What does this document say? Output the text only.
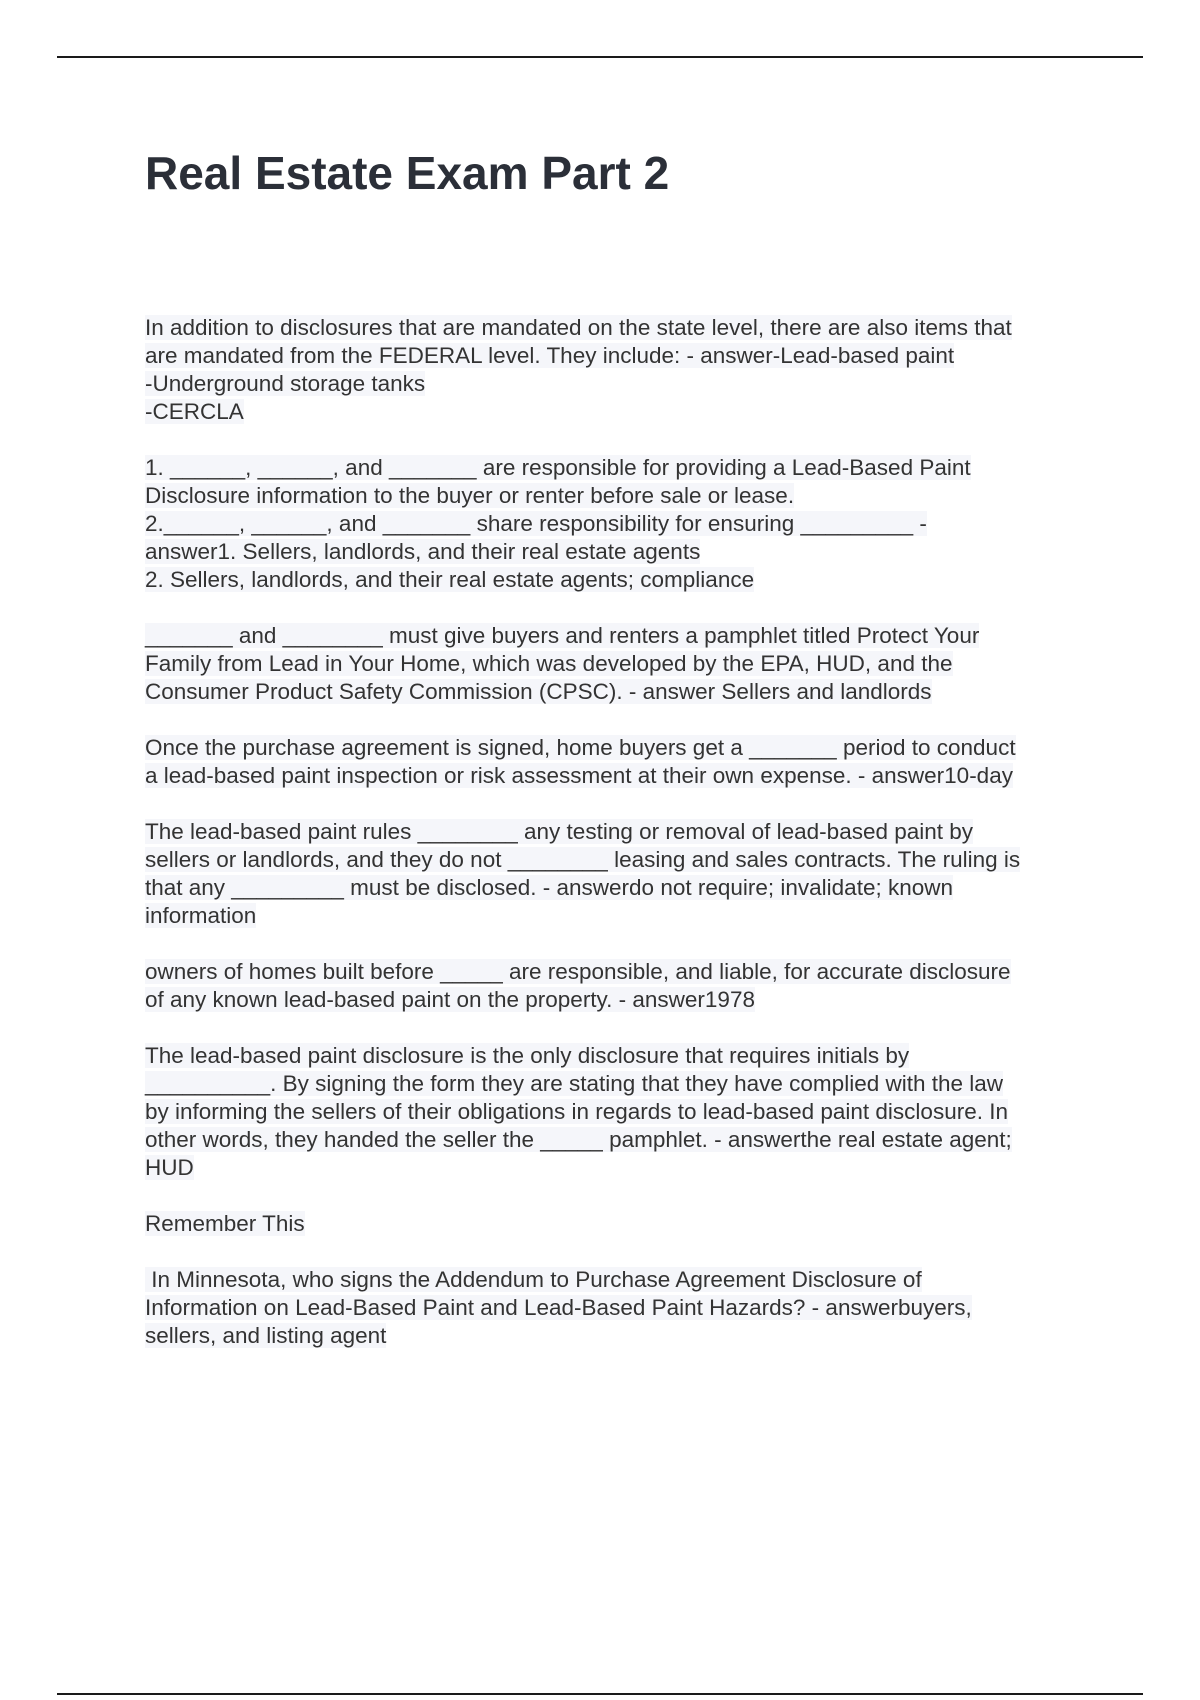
Real Estate Exam Part 2
In addition to disclosures that are mandated on the state level, there are also items that
are mandated from the FEDERAL level. They include: - answer-Lead-based paint
-Underground storage tanks
-CERCLA
1. ______, ______, and _______ are responsible for providing a Lead-Based Paint
Disclosure information to the buyer or renter before sale or lease.
2.______, ______, and _______ share responsibility for ensuring _________ -
answer1. Sellers, landlords, and their real estate agents
2. Sellers, landlords, and their real estate agents; compliance
_______ and ________ must give buyers and renters a pamphlet titled Protect Your
Family from Lead in Your Home, which was developed by the EPA, HUD, and the
Consumer Product Safety Commission (CPSC). - answer Sellers and landlords
Once the purchase agreement is signed, home buyers get a _______ period to conduct
a lead-based paint inspection or risk assessment at their own expense. - answer10-day
The lead-based paint rules ________ any testing or removal of lead-based paint by
sellers or landlords, and they do not ________ leasing and sales contracts. The ruling is
that any _________ must be disclosed. - answerdo not require; invalidate; known
information
owners of homes built before _____ are responsible, and liable, for accurate disclosure
of any known lead-based paint on the property. - answer1978
The lead-based paint disclosure is the only disclosure that requires initials by
__________. By signing the form they are stating that they have complied with the law
by informing the sellers of their obligations in regards to lead-based paint disclosure. In
other words, they handed the seller the _____ pamphlet. - answerthe real estate agent;
HUD
Remember This
In Minnesota, who signs the Addendum to Purchase Agreement Disclosure of
Information on Lead-Based Paint and Lead-Based Paint Hazards? - answerbuyers,
sellers, and listing agent
